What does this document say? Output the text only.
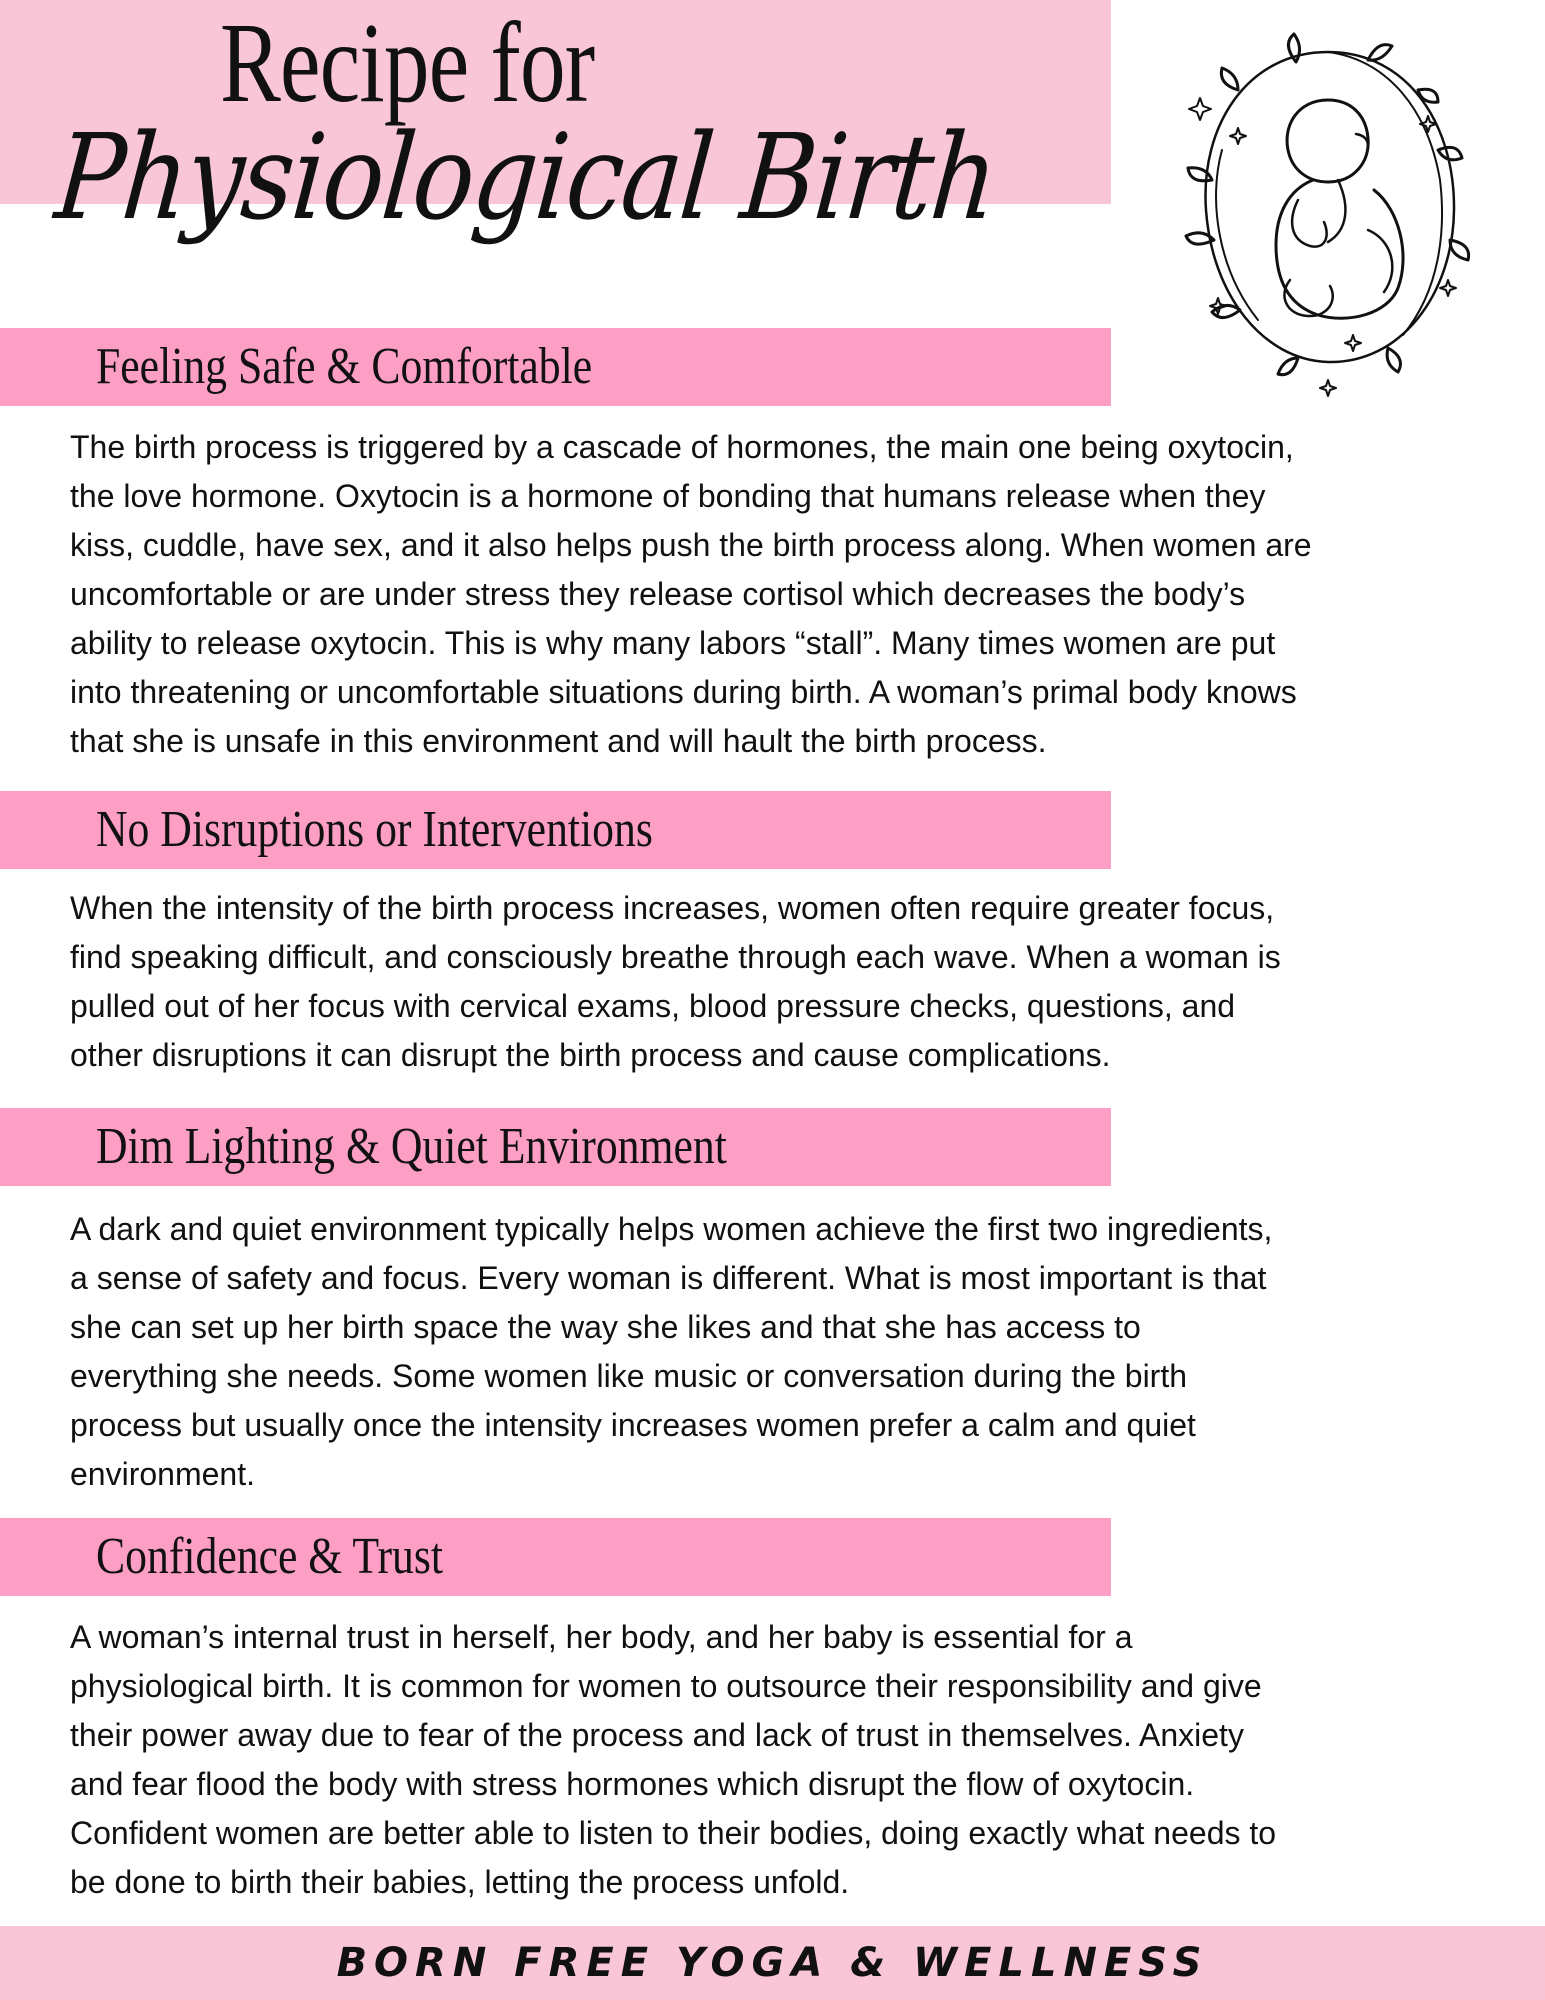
Recipe for
Physiological Birth
Feeling Safe & Comfortable
The birth process is triggered by a cascade of hormones, the main one being oxytocin,
the love hormone. Oxytocin is a hormone of bonding that humans release when they
kiss, cuddle, have sex, and it also helps push the birth process along. When women are
uncomfortable or are under stress they release cortisol which decreases the body’s
ability to release oxytocin. This is why many labors “stall”. Many times women are put
into threatening or uncomfortable situations during birth. A woman’s primal body knows
that she is unsafe in this environment and will hault the birth process.
No Disruptions or Interventions
When the intensity of the birth process increases, women often require greater focus,
find speaking difficult, and consciously breathe through each wave. When a woman is
pulled out of her focus with cervical exams, blood pressure checks, questions, and
other disruptions it can disrupt the birth process and cause complications.
Dim Lighting & Quiet Environment
A dark and quiet environment typically helps women achieve the first two ingredients,
a sense of safety and focus. Every woman is different. What is most important is that
she can set up her birth space the way she likes and that she has access to
everything she needs. Some women like music or conversation during the birth
process but usually once the intensity increases women prefer a calm and quiet
environment.
Confidence & Trust
A woman’s internal trust in herself, her body, and her baby is essential for a
physiological birth. It is common for women to outsource their responsibility and give
their power away due to fear of the process and lack of trust in themselves. Anxiety
and fear flood the body with stress hormones which disrupt the flow of oxytocin.
Confident women are better able to listen to their bodies, doing exactly what needs to
be done to birth their babies, letting the process unfold.
BORN FREE YOGA & WELLNESS
